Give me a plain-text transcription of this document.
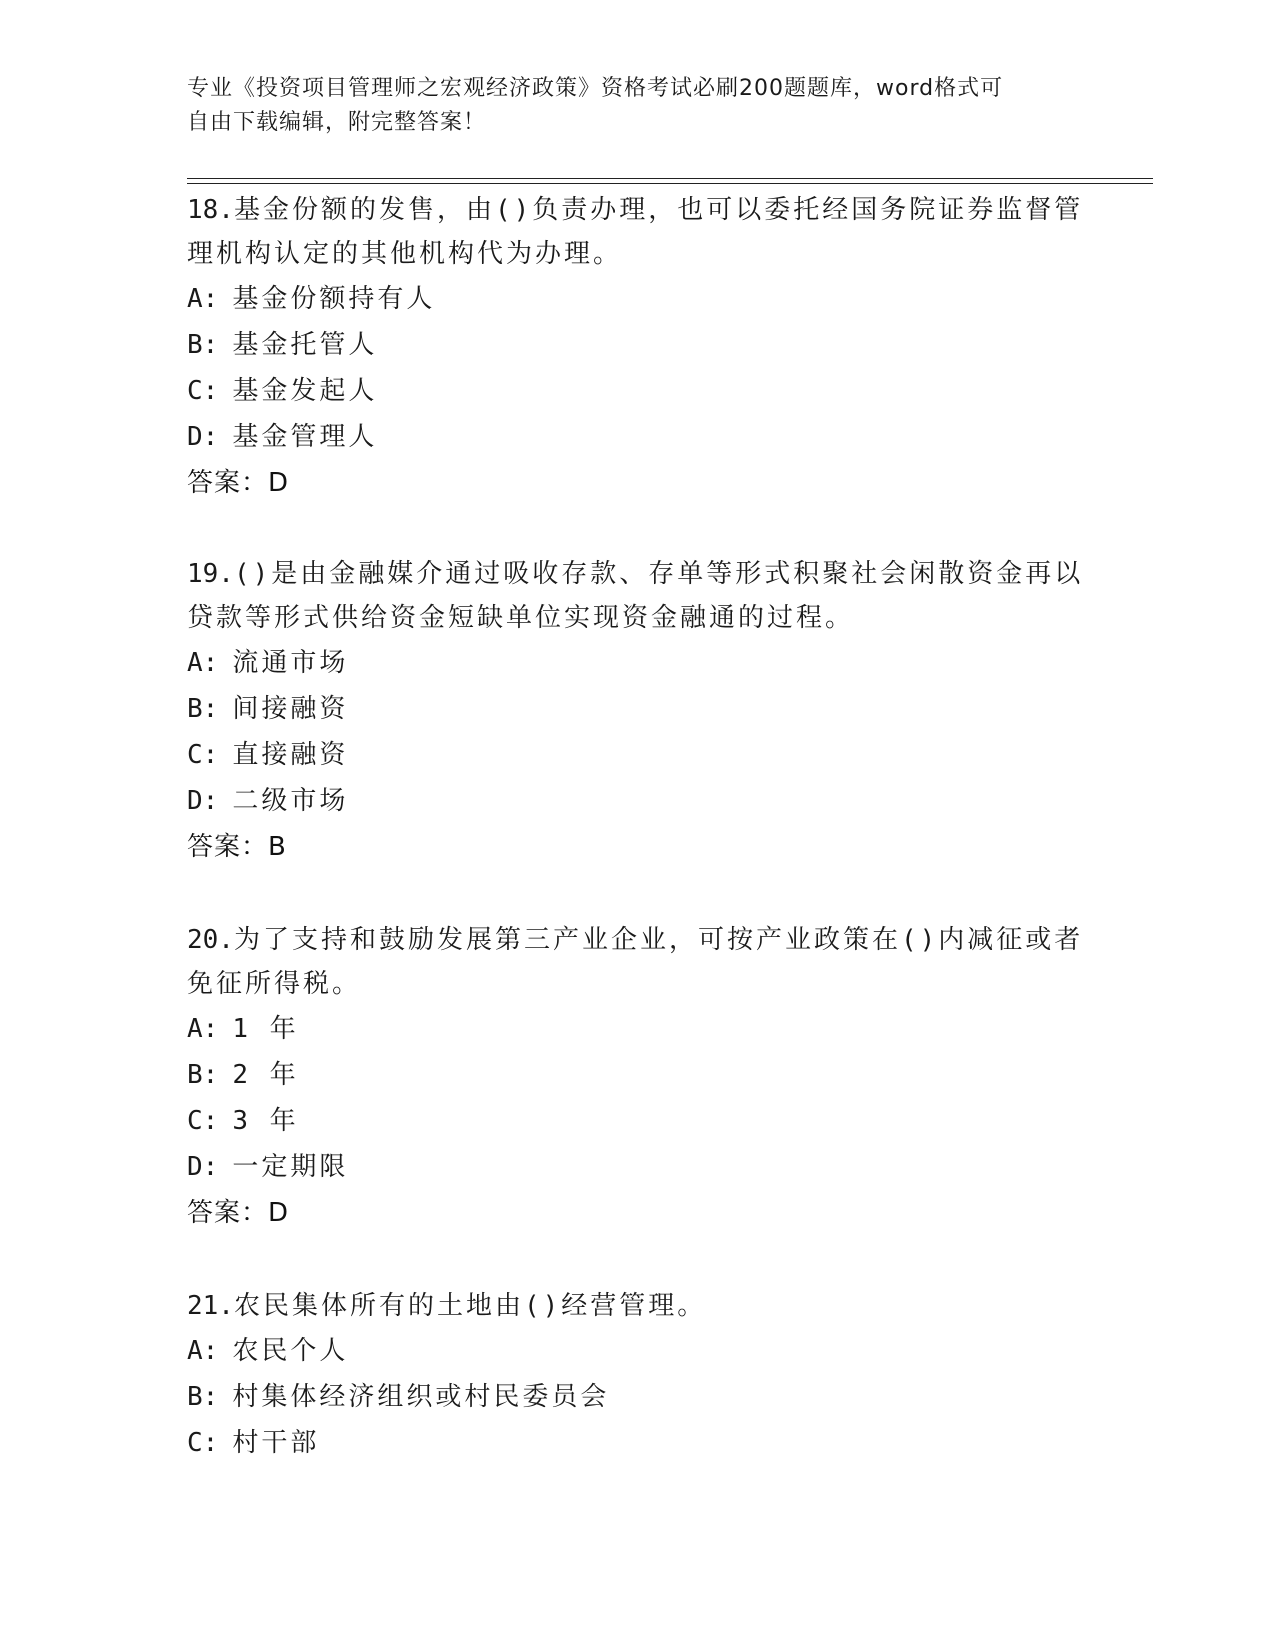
专业《投资项目管理师之宏观经济政策》资格考试必刷200题题库，word格式可
自由下载编辑，附完整答案！

18.基金份额的发售，由()负责办理，也可以委托经国务院证券监督管
理机构认定的其他机构代为办理。

A: 基金份额持有人
B: 基金托管人
C: 基金发起人
D: 基金管理人
答案：D

19.()是由金融媒介通过吸收存款、存单等形式积聚社会闲散资金再以
贷款等形式供给资金短缺单位实现资金融通的过程。

A: 流通市场
B: 间接融资
C: 直接融资
D: 二级市场
答案：B

20.为了支持和鼓励发展第三产业企业，可按产业政策在()内减征或者
免征所得税。

A: 1 年
B: 2 年
C: 3 年
D: 一定期限
答案：D

21.农民集体所有的土地由()经营管理。

A: 农民个人
B: 村集体经济组织或村民委员会
C: 村干部
